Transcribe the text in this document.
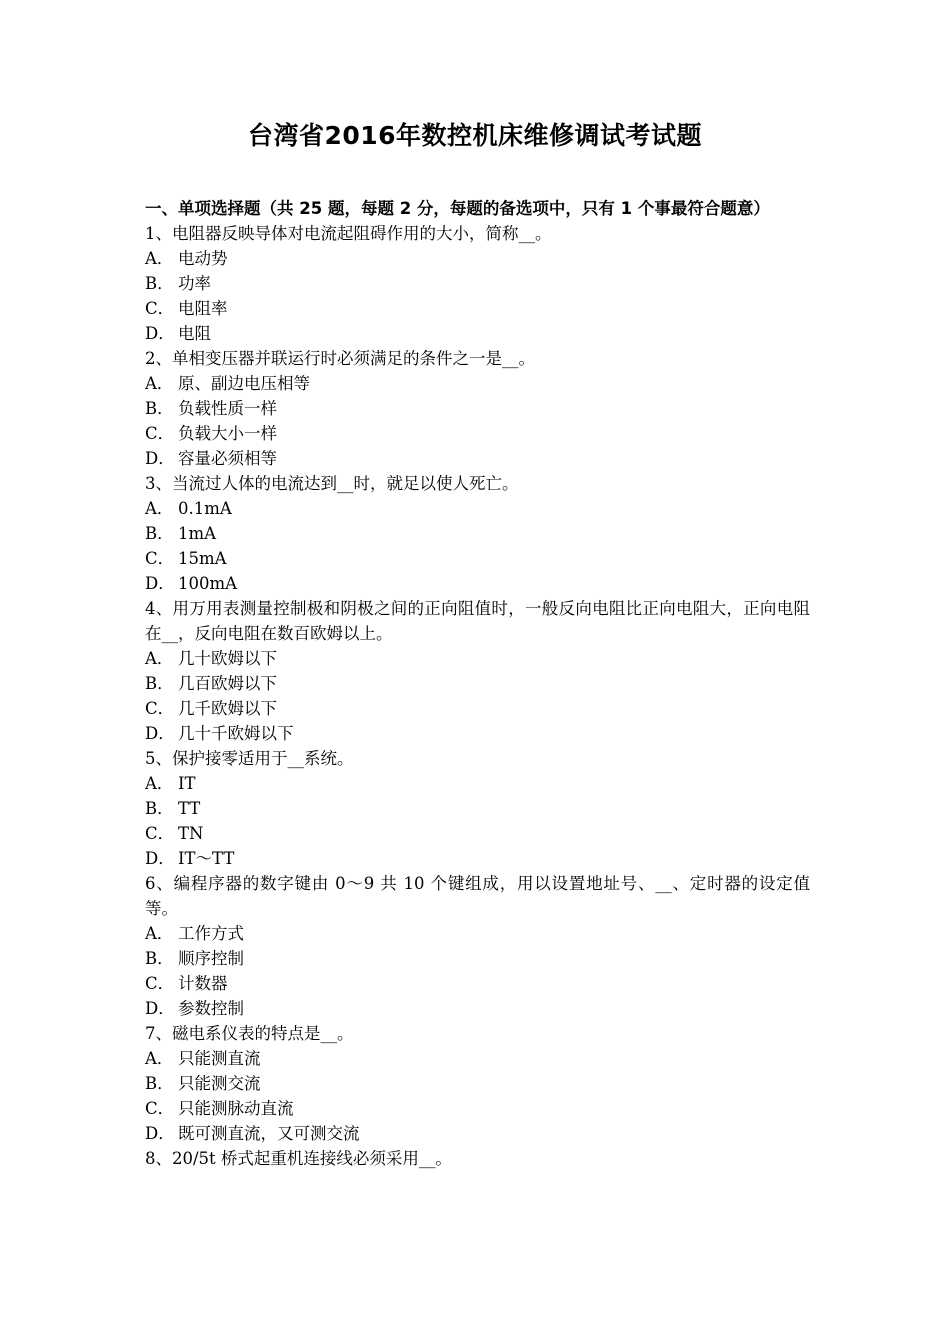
台湾省2016年数控机床维修调试考试题
一、单项选择题（共 25 题，每题 2 分，每题的备选项中，只有 1 个事最符合题意）
1、电阻器反映导体对电流起阻碍作用的大小，简称__。
A． 电动势
B． 功率
C． 电阻率
D． 电阻
2、单相变压器并联运行时必须满足的条件之一是__。
A． 原、副边电压相等
B． 负载性质一样
C． 负载大小一样
D． 容量必须相等
3、当流过人体的电流达到__时，就足以使人死亡。
A． 0.1mA
B． 1mA
C． 15mA
D． 100mA
4、用万用表测量控制极和阴极之间的正向阻值时，一般反向电阻比正向电阻大，正向电阻在__，反向电阻在数百欧姆以上。
A． 几十欧姆以下
B． 几百欧姆以下
C． 几千欧姆以下
D． 几十千欧姆以下
5、保护接零适用于__系统。
A． IT
B． TT
C． TN
D． IT～TT
6、编程序器的数字键由 0～9 共 10 个键组成，用以设置地址号、__、定时器的设定值等。
A． 工作方式
B． 顺序控制
C． 计数器
D． 参数控制
7、磁电系仪表的特点是__。
A． 只能测直流
B． 只能测交流
C． 只能测脉动直流
D． 既可测直流，又可测交流
8、20/5t 桥式起重机连接线必须采用__。
